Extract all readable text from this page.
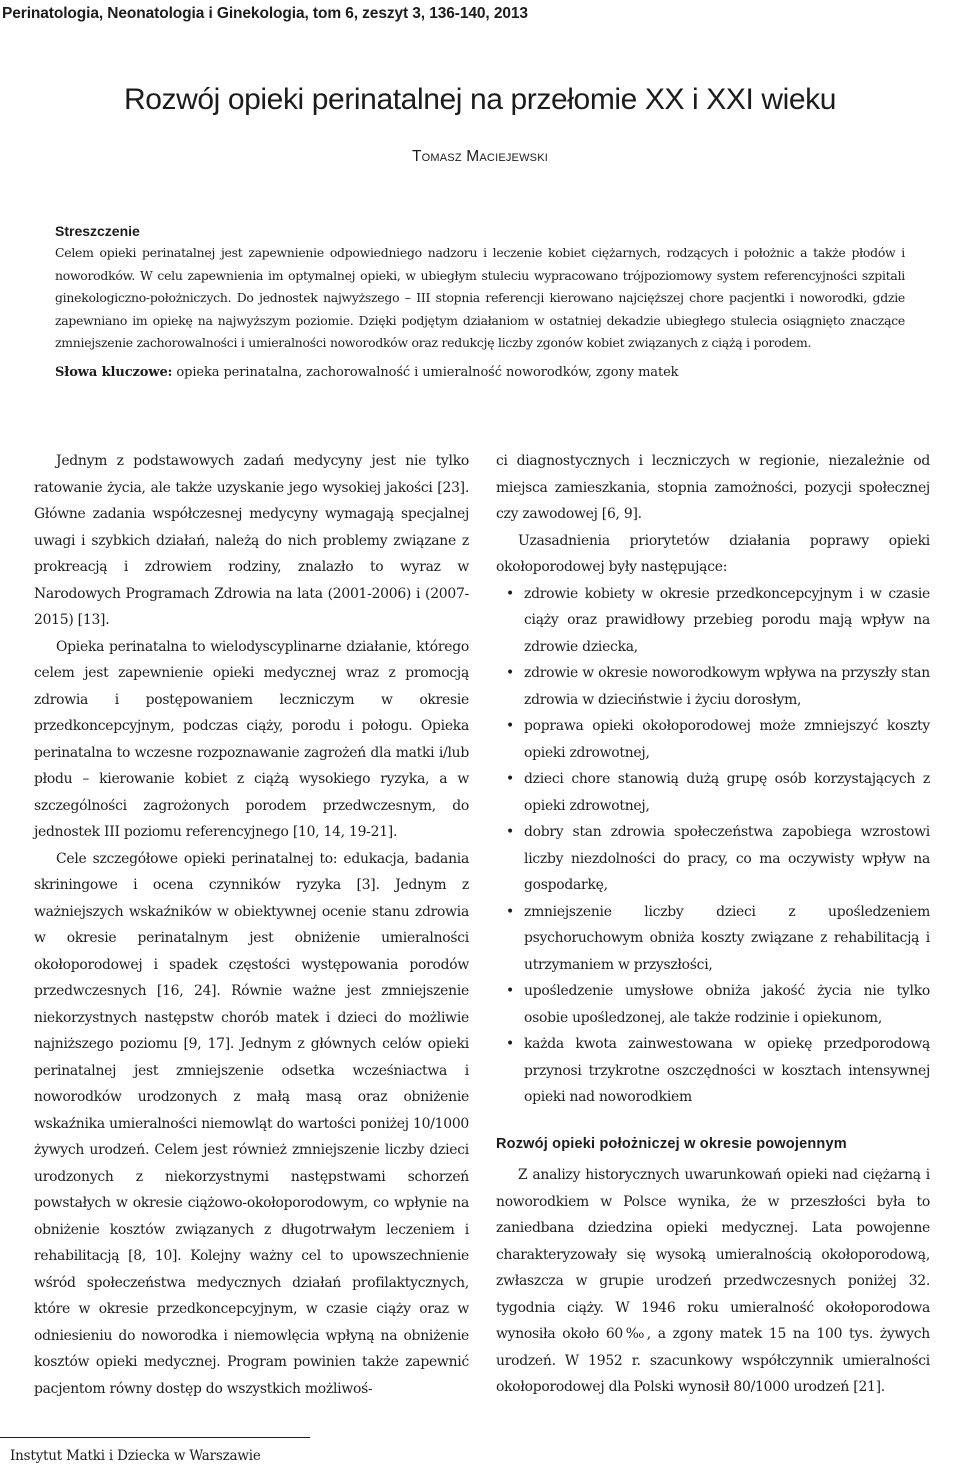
Perinatologia, Neonatologia i Ginekologia, tom 6, zeszyt 3, 136-140, 2013
Rozwój opieki perinatalnej na przełomie XX i XXI wieku
Tomasz Maciejewski
Streszczenie

Celem opieki perinatalnej jest zapewnienie odpowiedniego nadzoru i leczenie kobiet ciężarnych, rodzących i położnic a także płodów i noworodków. W celu zapewnienia im optymalnej opieki, w ubiegłym stuleciu wypracowano trójpoziomowy system referencyjności szpitali ginekologiczno-położniczych. Do jednostek najwyższego – III stopnia referencji kierowano najcięższej chore pacjentki i noworodki, gdzie zapewniano im opiekę na najwyższym poziomie. Dzięki podjętym działaniom w ostatniej dekadzie ubiegłego stulecia osiągnięto znaczące zmniejszenie zachorowalności i umieralności noworodków oraz redukcję liczby zgonów kobiet związanych z ciążą i porodem.

Słowa kluczowe: opieka perinatalna, zachorowalność i umieralność noworodków, zgony matek

Jednym z podstawowych zadań medycyny jest nie tylko ratowanie życia, ale także uzyskanie jego wysokiej jakości [23]. Główne zadania współczesnej medycyny wymagają specjalnej uwagi i szybkich działań, należą do nich problemy związane z prokreacją i zdrowiem rodziny, znalazło to wyraz w Narodowych Programach Zdrowia na lata (2001-2006) i (2007-2015) [13].

Opieka perinatalna to wielodyscyplinarne działanie, którego celem jest zapewnienie opieki medycznej wraz z promocją zdrowia i postępowaniem leczniczym w okresie przedkoncepcyjnym, podczas ciąży, porodu i połogu. Opieka perinatalna to wczesne rozpoznawanie zagrożeń dla matki i/lub płodu – kierowanie kobiet z ciążą wysokiego ryzyka, a w szczególności zagrożonych porodem przedwczesnym, do jednostek III poziomu referencyjnego [10, 14, 19-21].

Cele szczegółowe opieki perinatalnej to: edukacja, badania skriningowe i ocena czynników ryzyka [3]. Jednym z ważniejszych wskaźników w obiektywnej ocenie stanu zdrowia w okresie perinatalnym jest obniżenie umieralności okołoporodowej i spadek częstości występowania porodów przedwczesnych [16, 24]. Równie ważne jest zmniejszenie niekorzystnych następstw chorób matek i dzieci do możliwie najniższego poziomu [9, 17]. Jednym z głównych celów opieki perinatalnej jest zmniejszenie odsetka wcześniactwa i noworodków urodzonych z małą masą oraz obniżenie wskaźnika umieralności niemowląt do wartości poniżej 10/1000 żywych urodzeń. Celem jest również zmniejszenie liczby dzieci urodzonych z niekorzystnymi następstwami schorzeń powstałych w okresie ciążowo-okołoporodowym, co wpłynie na obniżenie kosztów związanych z długotrwałym leczeniem i rehabilitacją [8, 10]. Kolejny ważny cel to upowszechnienie wśród społeczeństwa medycznych działań profilaktycznych, które w okresie przedkoncepcyjnym, w czasie ciąży oraz w odniesieniu do noworodka i niemowlęcia wpłyną na obniżenie kosztów opieki medycznej. Program powinien także zapewnić pacjentom równy dostęp do wszystkich możliwoś-

ci diagnostycznych i leczniczych w regionie, niezależnie od miejsca zamieszkania, stopnia zamożności, pozycji społecznej czy zawodowej [6, 9].

Uzasadnienia priorytetów działania poprawy opieki okołoporodowej były następujące:

• zdrowie kobiety w okresie przedkoncepcyjnym i w czasie ciąży oraz prawidłowy przebieg porodu mają wpływ na zdrowie dziecka,
• zdrowie w okresie noworodkowym wpływa na przyszły stan zdrowia w dzieciństwie i życiu dorosłym,
• poprawa opieki okołoporodowej może zmniejszyć koszty opieki zdrowotnej,
• dzieci chore stanowią dużą grupę osób korzystających z opieki zdrowotnej,
• dobry stan zdrowia społeczeństwa zapobiega wzrostowi liczby niezdolności do pracy, co ma oczywisty wpływ na gospodarkę,
• zmniejszenie liczby dzieci z upośledzeniem psychoruchowym obniża koszty związane z rehabilitacją i utrzymaniem w przyszłości,
• upośledzenie umysłowe obniża jakość życia nie tylko osobie upośledzonej, ale także rodzinie i opiekunom,
• każda kwota zainwestowana w opiekę przedporodową przynosi trzykrotne oszczędności w kosztach intensywnej opieki nad noworodkiem
Rozwój opieki położniczej w okresie powojennym

Z analizy historycznych uwarunkowań opieki nad ciężarną i noworodkiem w Polsce wynika, że w przeszłości była to zaniedbana dziedzina opieki medycznej. Lata powojenne charakteryzowały się wysoką umieralnością okołoporodową, zwłaszcza w grupie urodzeń przedwczesnych poniżej 32. tygodnia ciąży. W 1946 roku umieralność okołoporodowa wynosiła około 60‰, a zgony matek 15 na 100 tys. żywych urodzeń. W 1952 r. szacunkowy współczynnik umieralności okołoporodowej dla Polski wynosił 80/1000 urodzeń [21].

Instytut Matki i Dziecka w Warszawie
